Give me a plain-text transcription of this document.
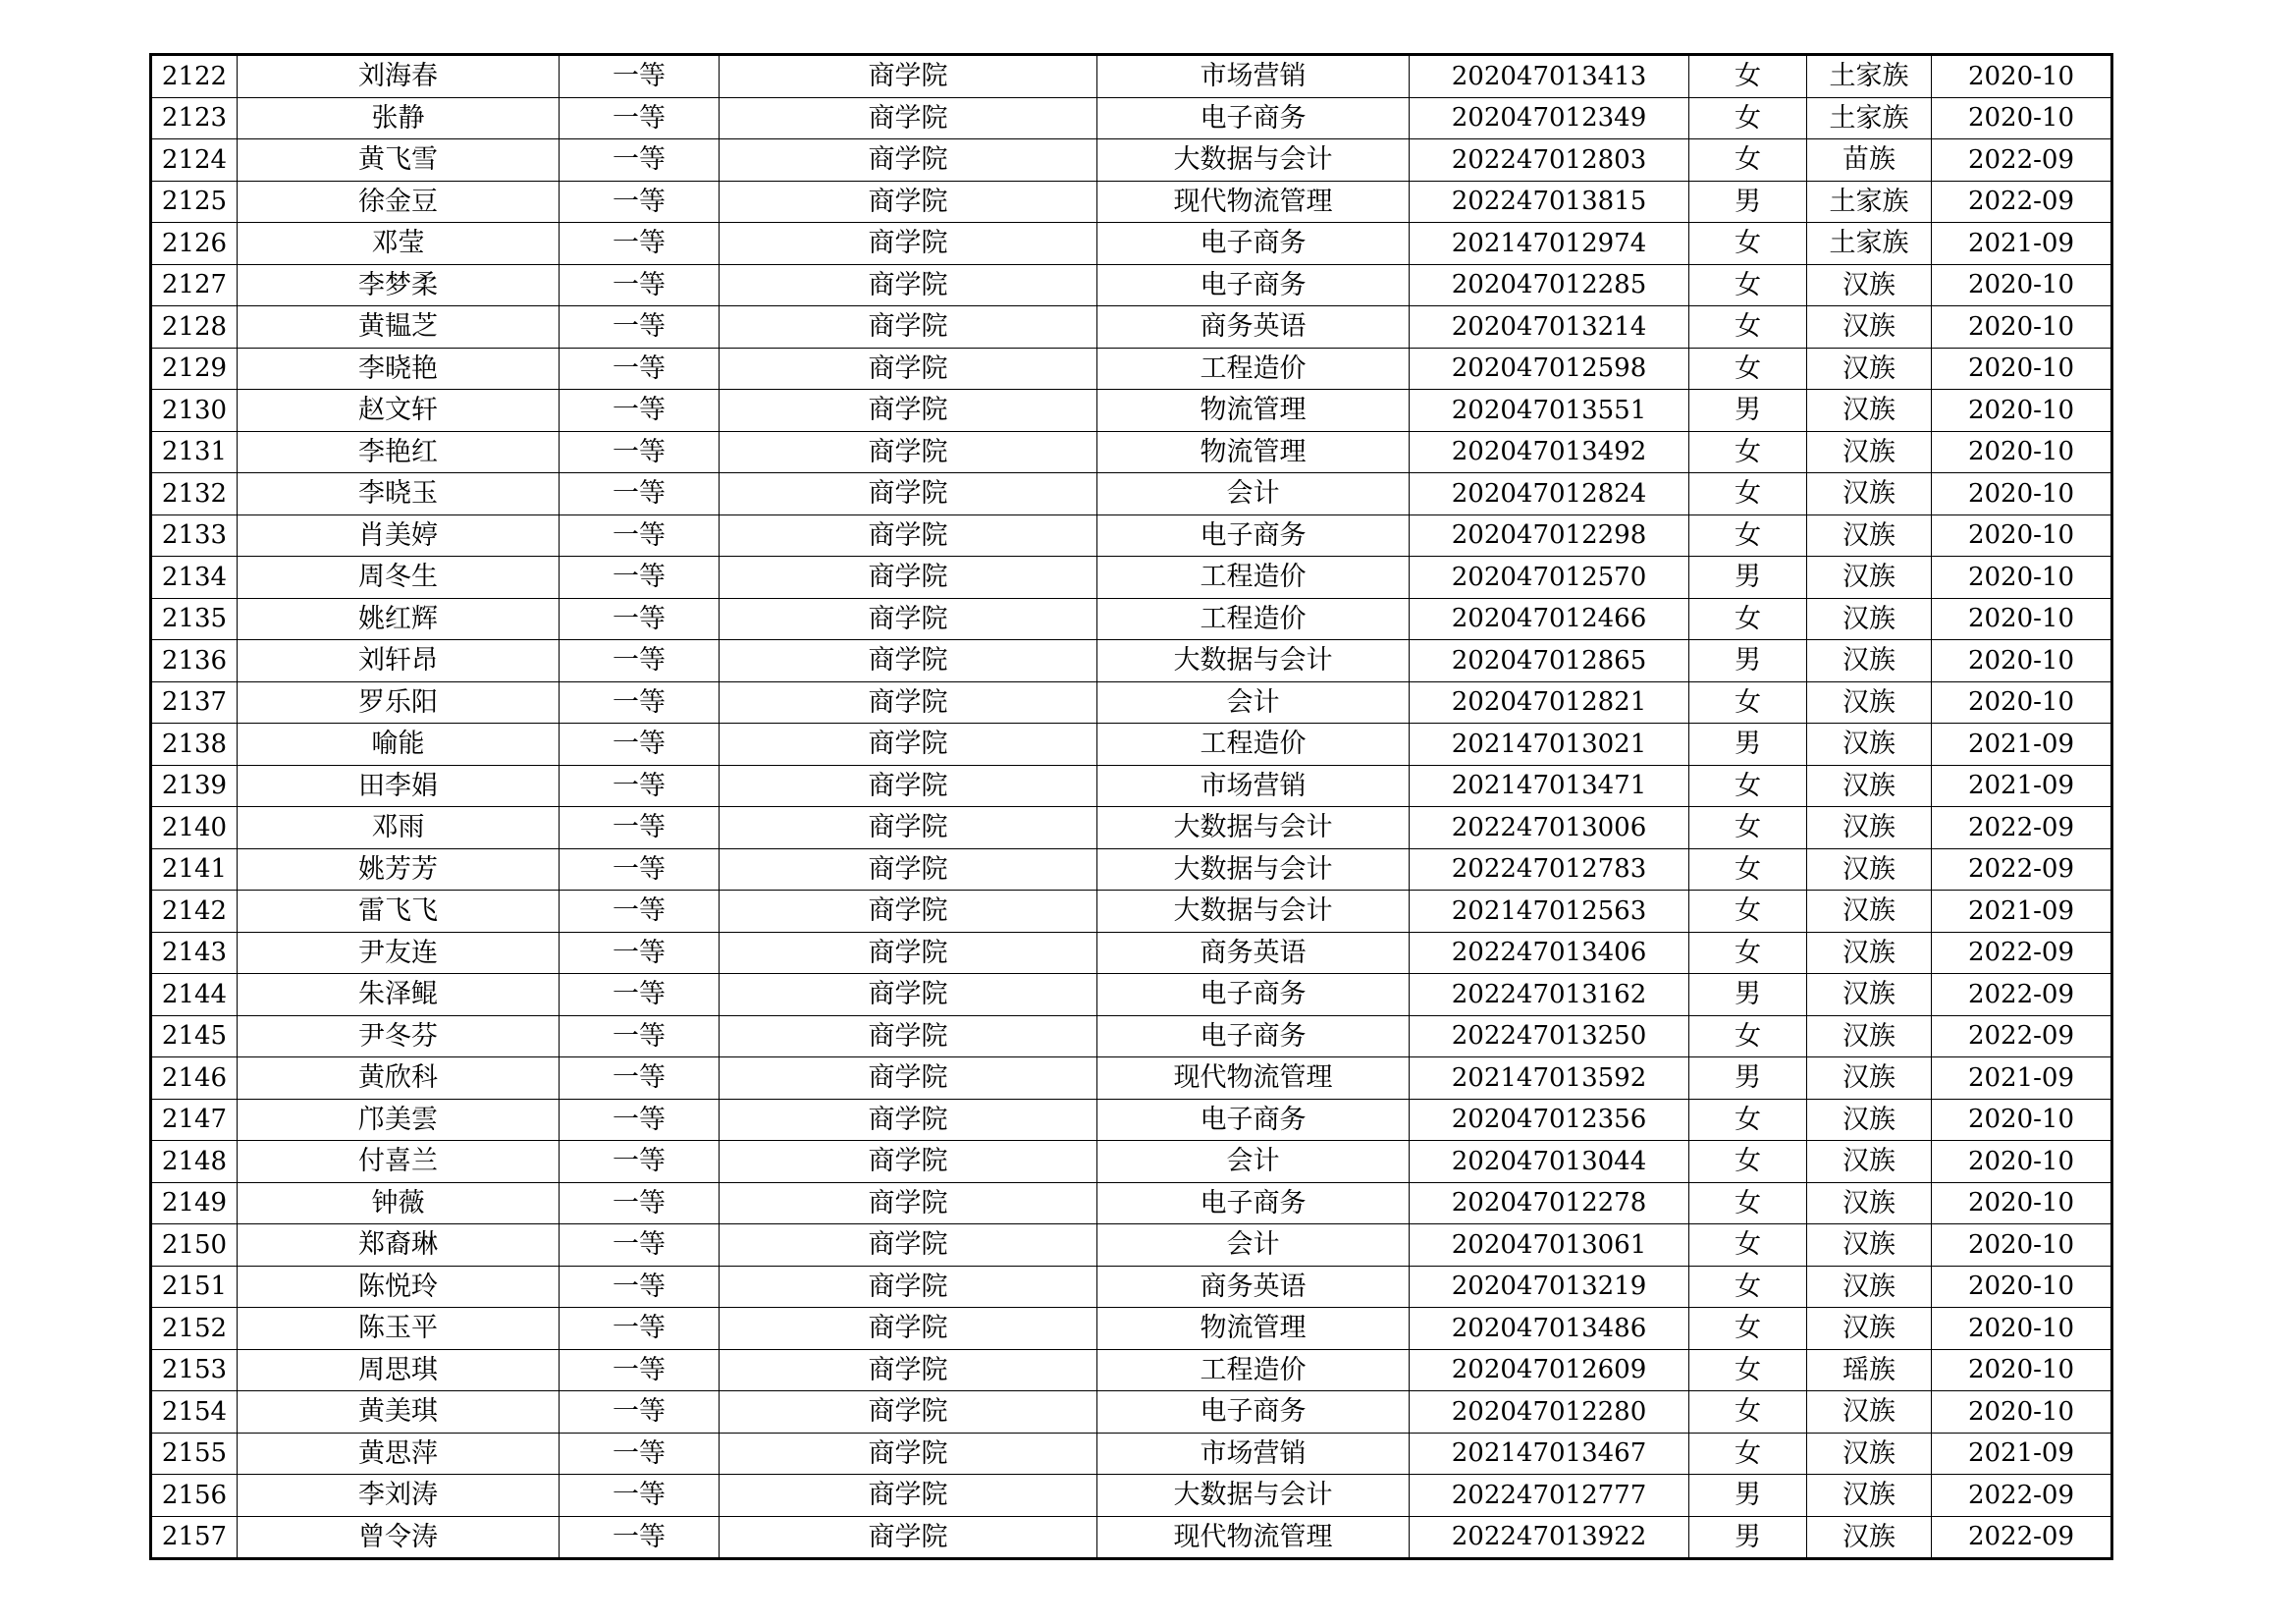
2122	刘海春	一等	商学院	市场营销	202047013413	女	土家族	2020-10
2123	张静	一等	商学院	电子商务	202047012349	女	土家族	2020-10
2124	黄飞雪	一等	商学院	大数据与会计	202247012803	女	苗族	2022-09
2125	徐金豆	一等	商学院	现代物流管理	202247013815	男	土家族	2022-09
2126	邓莹	一等	商学院	电子商务	202147012974	女	土家族	2021-09
2127	李梦柔	一等	商学院	电子商务	202047012285	女	汉族	2020-10
2128	黄韫芝	一等	商学院	商务英语	202047013214	女	汉族	2020-10
2129	李晓艳	一等	商学院	工程造价	202047012598	女	汉族	2020-10
2130	赵文轩	一等	商学院	物流管理	202047013551	男	汉族	2020-10
2131	李艳红	一等	商学院	物流管理	202047013492	女	汉族	2020-10
2132	李晓玉	一等	商学院	会计	202047012824	女	汉族	2020-10
2133	肖美婷	一等	商学院	电子商务	202047012298	女	汉族	2020-10
2134	周冬生	一等	商学院	工程造价	202047012570	男	汉族	2020-10
2135	姚红辉	一等	商学院	工程造价	202047012466	女	汉族	2020-10
2136	刘轩昂	一等	商学院	大数据与会计	202047012865	男	汉族	2020-10
2137	罗乐阳	一等	商学院	会计	202047012821	女	汉族	2020-10
2138	喻能	一等	商学院	工程造价	202147013021	男	汉族	2021-09
2139	田李娟	一等	商学院	市场营销	202147013471	女	汉族	2021-09
2140	邓雨	一等	商学院	大数据与会计	202247013006	女	汉族	2022-09
2141	姚芳芳	一等	商学院	大数据与会计	202247012783	女	汉族	2022-09
2142	雷飞飞	一等	商学院	大数据与会计	202147012563	女	汉族	2021-09
2143	尹友连	一等	商学院	商务英语	202247013406	女	汉族	2022-09
2144	朱泽鲲	一等	商学院	电子商务	202247013162	男	汉族	2022-09
2145	尹冬芬	一等	商学院	电子商务	202247013250	女	汉族	2022-09
2146	黄欣科	一等	商学院	现代物流管理	202147013592	男	汉族	2021-09
2147	邝美雲	一等	商学院	电子商务	202047012356	女	汉族	2020-10
2148	付喜兰	一等	商学院	会计	202047013044	女	汉族	2020-10
2149	钟薇	一等	商学院	电子商务	202047012278	女	汉族	2020-10
2150	郑裔琳	一等	商学院	会计	202047013061	女	汉族	2020-10
2151	陈悦玲	一等	商学院	商务英语	202047013219	女	汉族	2020-10
2152	陈玉平	一等	商学院	物流管理	202047013486	女	汉族	2020-10
2153	周思琪	一等	商学院	工程造价	202047012609	女	瑶族	2020-10
2154	黄美琪	一等	商学院	电子商务	202047012280	女	汉族	2020-10
2155	黄思萍	一等	商学院	市场营销	202147013467	女	汉族	2021-09
2156	李刘涛	一等	商学院	大数据与会计	202247012777	男	汉族	2022-09
2157	曾令涛	一等	商学院	现代物流管理	202247013922	男	汉族	2022-09
